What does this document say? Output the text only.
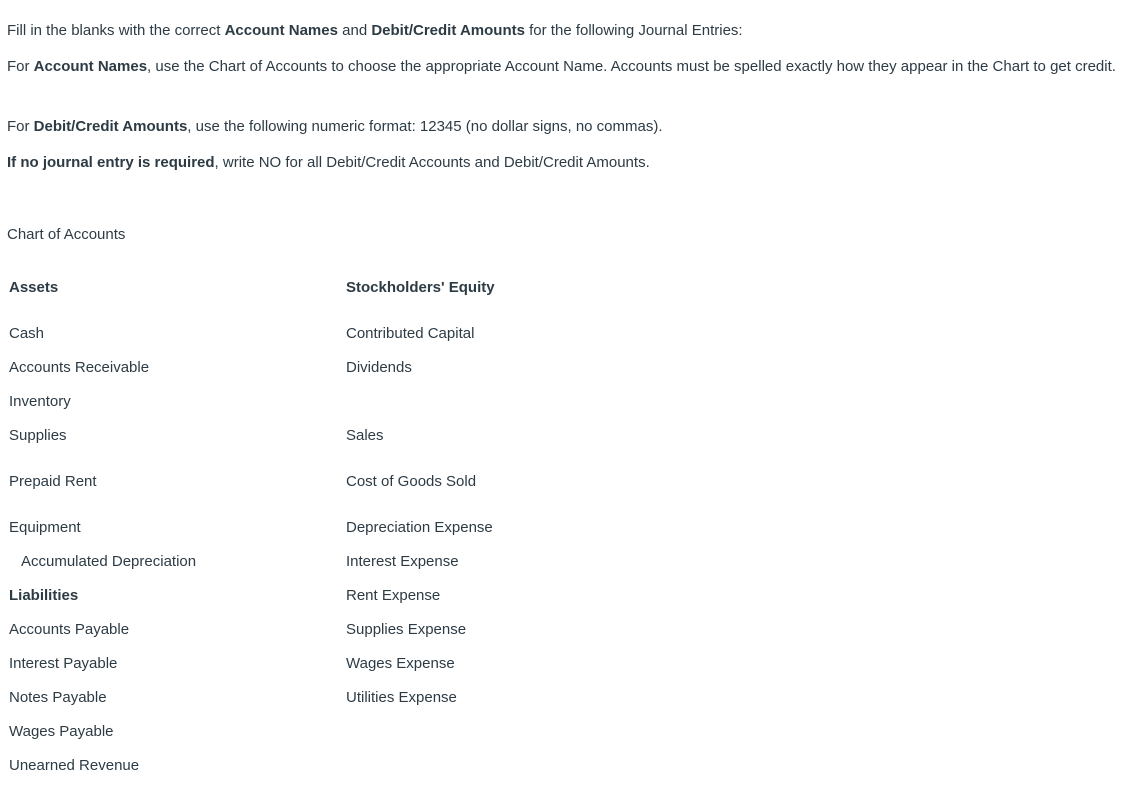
Fill in the blanks with the correct Account Names and Debit/Credit Amounts for the following Journal Entries:

For Account Names, use the Chart of Accounts to choose the appropriate Account Name. Accounts must be spelled exactly how they appear in the Chart to get credit.

For Debit/Credit Amounts, use the following numeric format: 12345 (no dollar signs, no commas).

If no journal entry is required, write NO for all Debit/Credit Accounts and Debit/Credit Amounts.

Chart of Accounts
Assets
Cash
Accounts Receivable
Inventory
Supplies
Prepaid Rent
Equipment
Accumulated Depreciation
Liabilities
Accounts Payable
Interest Payable
Notes Payable
Wages Payable
Unearned Revenue
Stockholders' Equity
Contributed Capital
Dividends
Sales
Cost of Goods Sold
Depreciation Expense
Interest Expense
Rent Expense
Supplies Expense
Wages Expense
Utilities Expense
